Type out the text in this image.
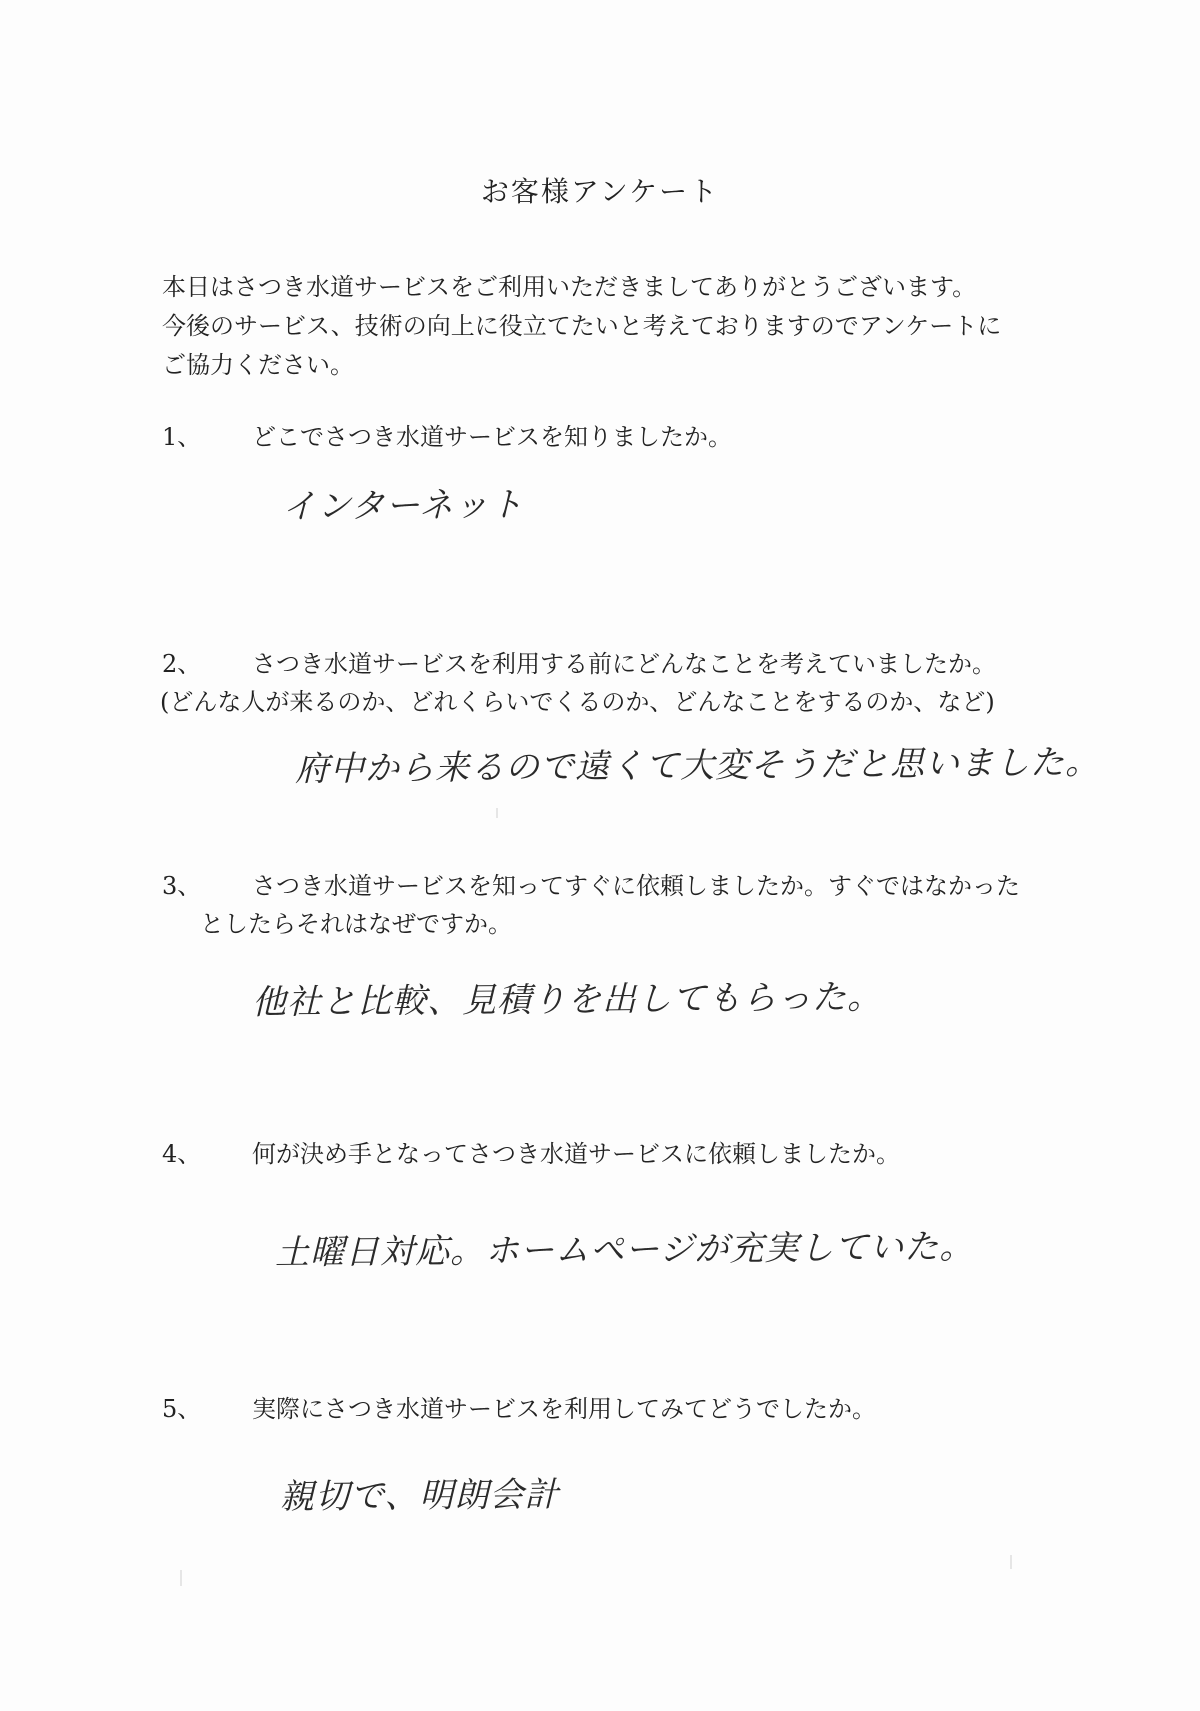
お客様アンケート
本日はさつき水道サービスをご利用いただきましてありがとうございます。
今後のサービス、技術の向上に役立てたいと考えておりますのでアンケートに
ご協力ください。
1、	どこでさつき水道サービスを知りましたか。
インターネット
2、	さつき水道サービスを利用する前にどんなことを考えていましたか。
(どんな人が来るのか、どれくらいでくるのか、どんなことをするのか、など)
府中から来るので遠くて大変そうだと思いました。
3、	さつき水道サービスを知ってすぐに依頼しましたか。すぐではなかった
としたらそれはなぜですか。
他社と比較、見積りを出してもらった。
4、	何が決め手となってさつき水道サービスに依頼しましたか。
土曜日対応。ホームページが充実していた。
5、	実際にさつき水道サービスを利用してみてどうでしたか。
親切で、明朗会計
